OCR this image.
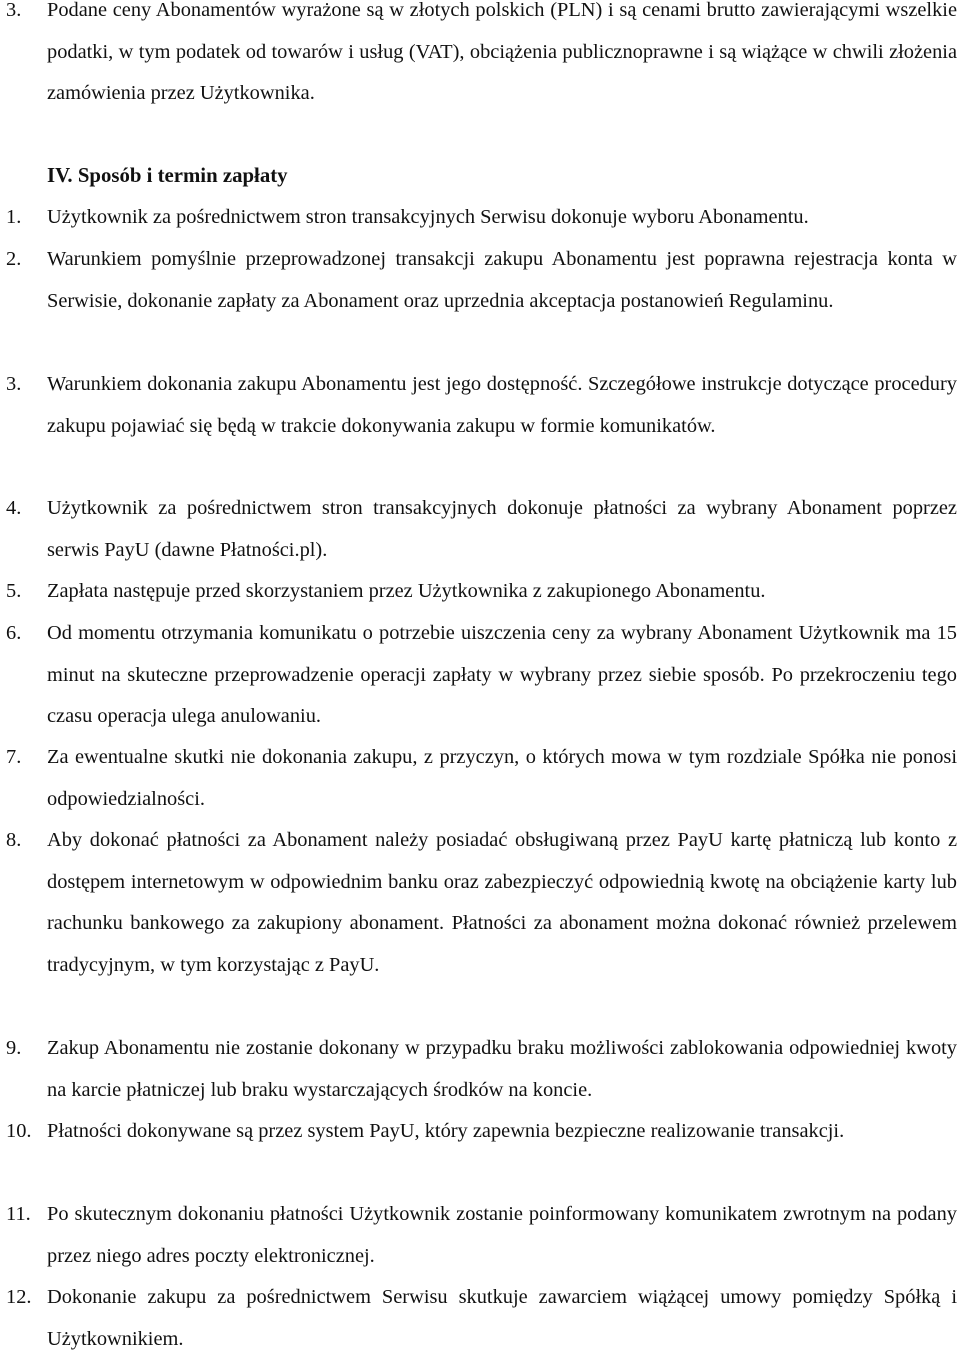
3. Podane ceny Abonamentów wyrażone są w złotych polskich (PLN) i są cenami brutto zawierającymi wszelkie podatki, w tym podatek od towarów i usług (VAT), obciążenia publicznoprawne i są wiążące w chwili złożenia zamówienia przez Użytkownika.
IV. Sposób i termin zapłaty
1. Użytkownik za pośrednictwem stron transakcyjnych Serwisu dokonuje wyboru Abonamentu.
2. Warunkiem pomyślnie przeprowadzonej transakcji zakupu Abonamentu jest poprawna rejestracja konta w Serwisie, dokonanie zapłaty za Abonament oraz uprzednia akceptacja postanowień Regulaminu.
3. Warunkiem dokonania zakupu Abonamentu jest jego dostępność. Szczegółowe instrukcje dotyczące procedury zakupu pojawiać się będą w trakcie dokonywania zakupu w formie komunikatów.
4. Użytkownik za pośrednictwem stron transakcyjnych dokonuje płatności za wybrany Abonament poprzez serwis PayU (dawne Płatności.pl).
5. Zapłata następuje przed skorzystaniem przez Użytkownika z zakupionego Abonamentu.
6. Od momentu otrzymania komunikatu o potrzebie uiszczenia ceny za wybrany Abonament Użytkownik ma 15 minut na skuteczne przeprowadzenie operacji zapłaty w wybrany przez siebie sposób. Po przekroczeniu tego czasu operacja ulega anulowaniu.
7. Za ewentualne skutki nie dokonania zakupu, z przyczyn, o których mowa w tym rozdziale Spółka nie ponosi odpowiedzialności.
8. Aby dokonać płatności za Abonament należy posiadać obsługiwaną przez PayU kartę płatniczą lub konto z dostępem internetowym w odpowiednim banku oraz zabezpieczyć odpowiednią kwotę na obciążenie karty lub rachunku bankowego za zakupiony abonament. Płatności za abonament można dokonać również przelewem tradycyjnym, w tym korzystając z PayU.
9. Zakup Abonamentu nie zostanie dokonany w przypadku braku możliwości zablokowania odpowiedniej kwoty na karcie płatniczej lub braku wystarczających środków na koncie.
10. Płatności dokonywane są przez system PayU, który zapewnia bezpieczne realizowanie transakcji.
11. Po skutecznym dokonaniu płatności Użytkownik zostanie poinformowany komunikatem zwrotnym na podany przez niego adres poczty elektronicznej.
12. Dokonanie zakupu za pośrednictwem Serwisu skutkuje zawarciem wiążącej umowy pomiędzy Spółką i Użytkownikiem.
